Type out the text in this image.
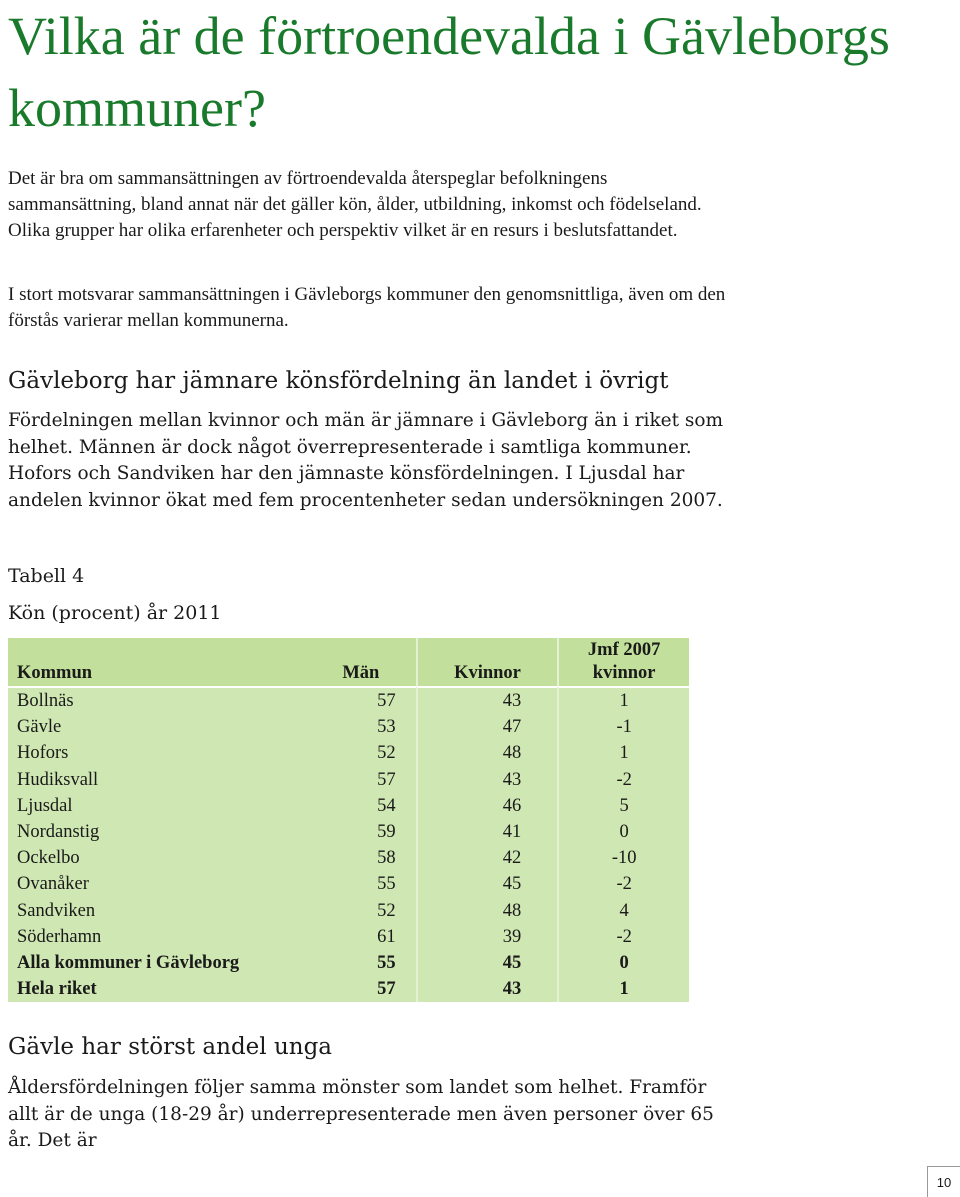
Vilka är de förtroendevalda i Gävleborgs kommuner?

Det är bra om sammansättningen av förtroendevalda återspeglar befolkningens sammansättning, bland annat när det gäller kön, ålder, utbildning, inkomst och födelseland. Olika grupper har olika erfarenheter och perspektiv vilket är en resurs i beslutsfattandet.

I stort motsvarar sammansättningen i Gävleborgs kommuner den genomsnittliga, även om den förstås varierar mellan kommunerna.

Gävleborg har jämnare könsfördelning än landet i övrigt

Fördelningen mellan kvinnor och män är jämnare i Gävleborg än i riket som helhet. Männen är dock något överrepresenterade i samtliga kommuner. Hofors och Sandviken har den jämnaste könsfördelningen. I Ljusdal har andelen kvinnor ökat med fem procentenheter sedan undersökningen 2007.

Tabell 4
Kön (procent) år 2011
Kommun	Män	Kvinnor	Jmf 2007
kvinnor
Bollnäs	57	43	1
Gävle	53	47	-1
Hofors	52	48	1
Hudiksvall	57	43	-2
Ljusdal	54	46	5
Nordanstig	59	41	0
Ockelbo	58	42	-10
Ovanåker	55	45	-2
Sandviken	52	48	4
Söderhamn	61	39	-2
Alla kommuner i Gävleborg	55	45	0
Hela riket	57	43	1
Gävle har störst andel unga

Åldersfördelningen följer samma mönster som landet som helhet. Framför allt är de unga (18-29 år) underrepresenterade men även personer över 65 år. Det är

10
